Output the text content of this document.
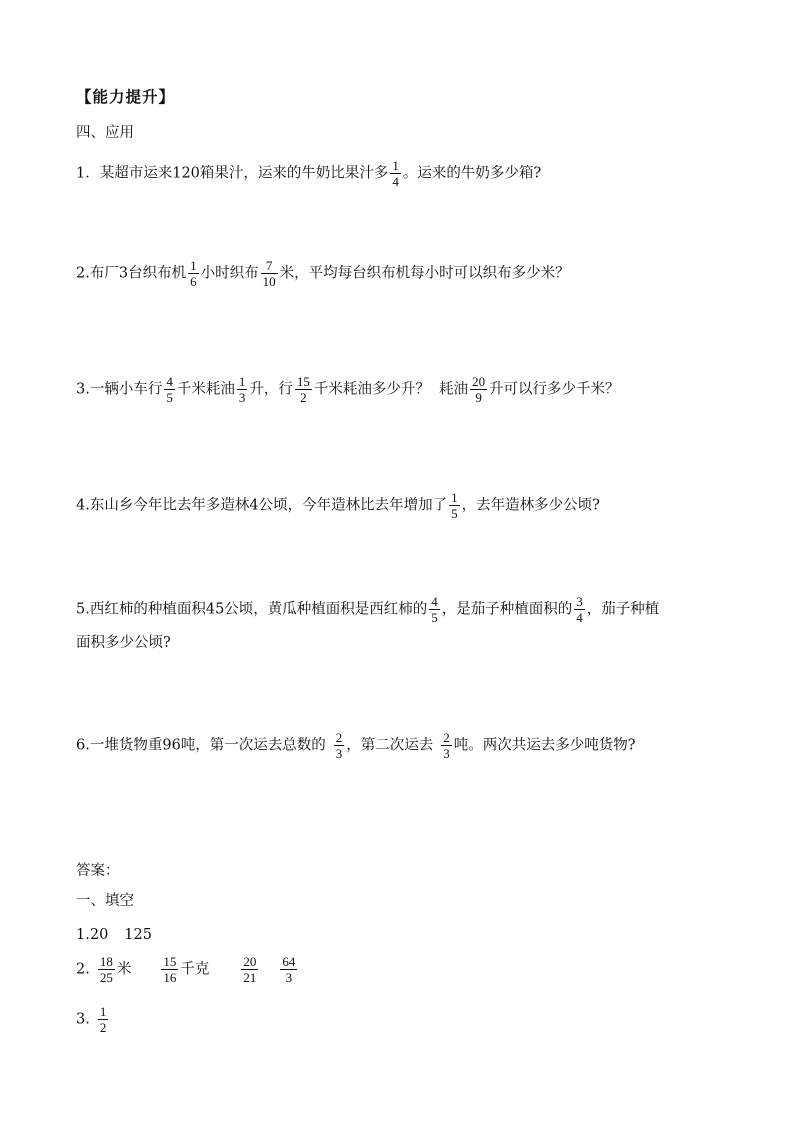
【能力提升】
四、应用
1．某超市运来120箱果汁，运来的牛奶比果汁多 $\frac{1}{4}$ 。运来的牛奶多少箱?
2.布厂3台织布机 $\frac{1}{6}$ 小时织布 $\frac{7}{10}$ 米，平均每台织布机每小时可以织布多少米？
3.一辆小车行 $\frac{4}{5}$ 千米耗油 $\frac{1}{3}$ 升，行 $\frac{15}{2}$ 千米耗油多少升？  耗油 $\frac{20}{9}$ 升可以行多少千米？
4.东山乡今年比去年多造林4公顷，今年造林比去年增加了 $\frac{1}{5}$ ，去年造林多少公顷?
5.西红柿的种植面积45公顷，黄瓜种植面积是西红柿的 $\frac{4}{5}$ ，是茄子种植面积的 $\frac{3}{4}$ ，茄子种植
面积多少公顷?
6.一堆货物重96吨，第一次运去总数的 $\frac{2}{3}$ ，第二次运去 $\frac{2}{3}$ 吨。两次共运去多少吨货物?
答案：
一、填空
1.20 125
2. $\frac{18}{25}$ 米 $\frac{15}{16}$ 千克 $\frac{20}{21} \frac{64}{3}$
3. $\frac{1}{2}$
